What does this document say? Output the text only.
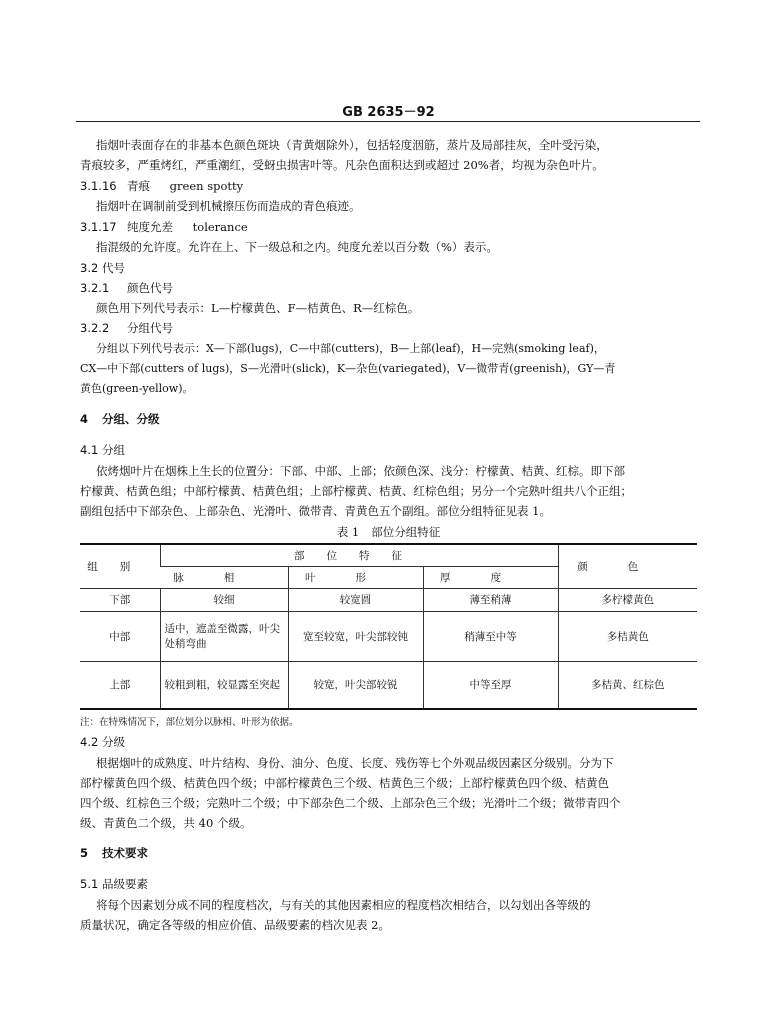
GB 2635－92
指烟叶表面存在的非基本色颜色斑块（青黄烟除外），包括轻度洇筋，蒸片及局部挂灰，全叶受污染，
青痕较多，严重烤红，严重潮红，受蚜虫损害叶等。凡杂色面积达到或超过 20%者，均视为杂色叶片。
3.1.16 青痕 green spotty
指烟叶在调制前受到机械擦压伤而造成的青色痕迹。
3.1.17 纯度允差 tolerance
指混级的允许度。允许在上、下一级总和之内。纯度允差以百分数（%）表示。
3.2 代号
3.2.1 颜色代号
颜色用下列代号表示：L—柠檬黄色、F—桔黄色、R—红棕色。
3.2.2 分组代号
分组以下列代号表示：X—下部(lugs)，C—中部(cutters)，B—上部(leaf)，H—完熟(smoking leaf)，
CX—中下部(cutters of lugs)，S—光滑叶(slick)，K—杂色(variegated)，V—微带青(greenish)，GY—青
黄色(green-yellow)。
4 分组、分级
4.1 分组
依烤烟叶片在烟株上生长的位置分：下部、中部、上部；依颜色深、浅分：柠檬黄、桔黄、红棕。即下部
柠檬黄、桔黄色组；中部柠檬黄、桔黄色组；上部柠檬黄、桔黄、红棕色组；另分一个完熟叶组共八个正组；
副组包括中下部杂色、上部杂色、光滑叶、微带青、青黄色五个副组。部位分组特征见表 1。
表 1 部位分组特征
组别	部位特征			颜色
	脉相	叶形	厚度	
下部	较细	较宽圆	薄至稍薄	多柠檬黄色
中部	适中，遮盖至微露，叶尖处稍弯曲	宽至较宽，叶尖部较钝	稍薄至中等	多桔黄色
上部	较粗到粗，较显露至突起	较宽，叶尖部较锐	中等至厚	多桔黄、红棕色
注：在特殊情况下，部位划分以脉相、叶形为依据。
4.2 分级
根据烟叶的成熟度、叶片结构、身份、油分、色度、长度、残伤等七个外观品级因素区分级别。分为下
部柠檬黄色四个级、桔黄色四个级；中部柠檬黄色三个级、桔黄色三个级；上部柠檬黄色四个级、桔黄色
四个级、红棕色三个级；完熟叶二个级；中下部杂色二个级、上部杂色三个级；光滑叶二个级；微带青四个
级、青黄色二个级，共 40 个级。
5 技术要求
5.1 品级要素
将每个因素划分成不同的程度档次，与有关的其他因素相应的程度档次相结合，以勾划出各等级的
质量状况，确定各等级的相应价值、品级要素的档次见表 2。
